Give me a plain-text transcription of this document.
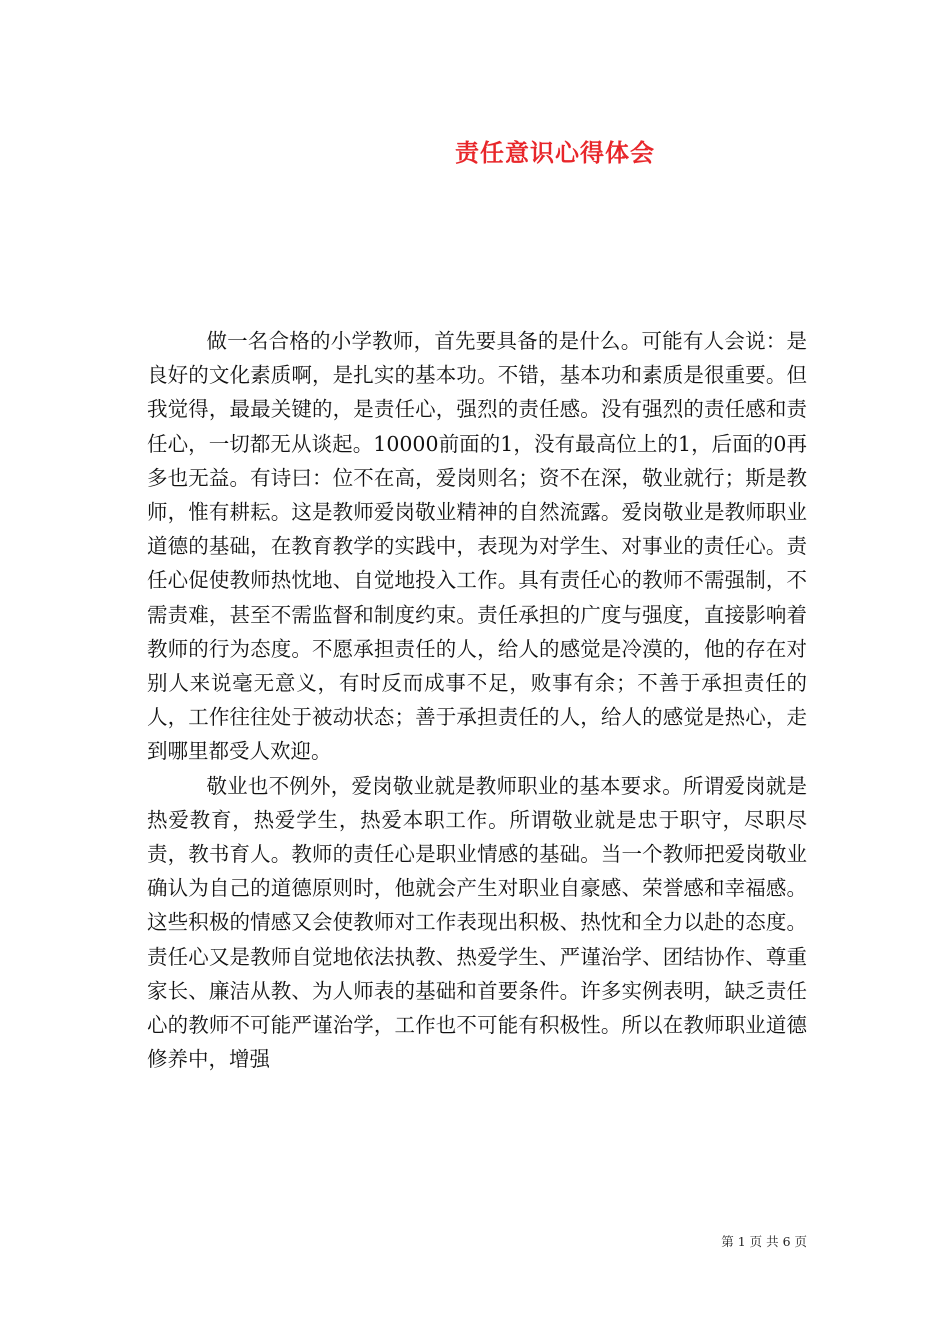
责任意识心得体会

做一名合格的小学教师，首先要具备的是什么。可能有人会说：是良好的文化素质啊，是扎实的基本功。不错，基本功和素质是很重要。但我觉得，最最关键的，是责任心，强烈的责任感。没有强烈的责任感和责任心，一切都无从谈起。10000前面的1，没有最高位上的1，后面的0再多也无益。有诗曰：位不在高，爱岗则名；资不在深，敬业就行；斯是教师，惟有耕耘。这是教师爱岗敬业精神的自然流露。爱岗敬业是教师职业道德的基础，在教育教学的实践中，表现为对学生、对事业的责任心。责任心促使教师热忱地、自觉地投入工作。具有责任心的教师不需强制，不需责难，甚至不需监督和制度约束。责任承担的广度与强度，直接影响着教师的行为态度。不愿承担责任的人，给人的感觉是冷漠的，他的存在对别人来说毫无意义，有时反而成事不足，败事有余；不善于承担责任的人，工作往往处于被动状态；善于承担责任的人，给人的感觉是热心，走到哪里都受人欢迎。

敬业也不例外，爱岗敬业就是教师职业的基本要求。所谓爱岗就是热爱教育，热爱学生，热爱本职工作。所谓敬业就是忠于职守，尽职尽责，教书育人。教师的责任心是职业情感的基础。当一个教师把爱岗敬业确认为自己的道德原则时，他就会产生对职业自豪感、荣誉感和幸福感。这些积极的情感又会使教师对工作表现出积极、热忱和全力以赴的态度。责任心又是教师自觉地依法执教、热爱学生、严谨治学、团结协作、尊重家长、廉洁从教、为人师表的基础和首要条件。许多实例表明，缺乏责任心的教师不可能严谨治学，工作也不可能有积极性。所以在教师职业道德修养中，增强

第 1 页 共 6 页
